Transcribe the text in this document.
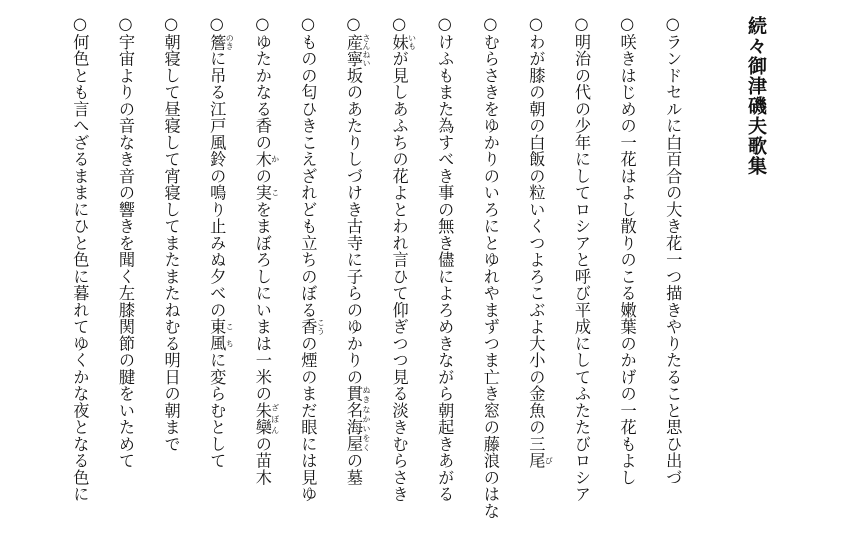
続々御津磯夫歌集
○ランドセルに白百合の大き花一つ描きやりたること思ひ出づ
○咲きはじめの一花はよし散りのこる嫩葉のかげの一花もよし
○明治の代の少年にしてロシアと呼び平成にしてふたたびロシア
○わが膝の朝の白飯の粒いくつよろこぶよ大小の金魚の三尾 び
○むらさきをゆかりのいろにとゆれやまずつま亡き窓の藤浪のはな
○けふもまた為すべき事の無き儘によろめきながら朝起きあがる
○妹 いもが見しあふちの花よとわれ言ひて仰ぎつつ見る淡きむらさき
○産寧 さんねい坂のあたりしづけき古寺に子らのゆかりの貫名海屋 ぬきなかいをくの墓
○ものの匂ひきこえざれども立ちのぼる香 こうの煙のまだ眼には見ゆ
○ゆたかなる香の木 かの実 こをまぼろしにいまは一米の朱欒 ざぼんの苗木
○簷 のきに吊る江戸風鈴の鳴り止みぬ夕べの東風 こちに変らむとして
○朝寝して昼寝して宵寝してまたまたねむる明日の朝まで
○宇宙よりの音なき音の響きを聞く左膝関節の腱をいためて
○何色とも言へざるままにひと色に暮れてゆくかな夜となる色に
